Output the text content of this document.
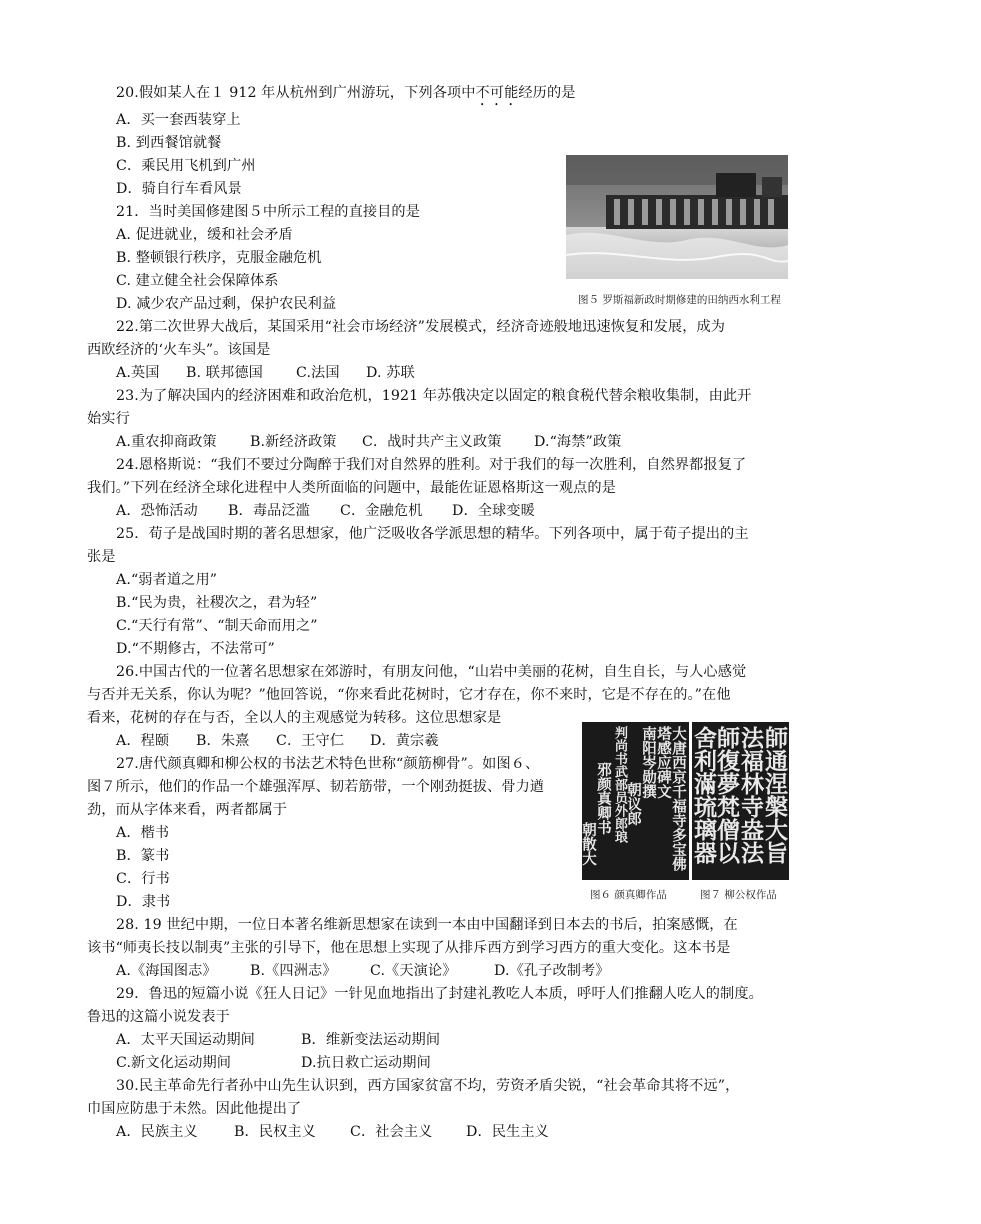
20.假如某人在１ 912 年从杭州到广州游玩，下列各项中不可能经历的是
A．买一套西装穿上
B. 到西餐馆就餐
C．乘民用飞机到广州
D．骑自行车看风景
图５ 罗斯福新政时期修建的田纳西水利工程
21．当时美国修建图５中所示工程的直接目的是
A. 促进就业，缓和社会矛盾
B. 整顿银行秩序，克服金融危机
C. 建立健全社会保障体系
D. 减少农产品过剩，保护农民利益
22.第二次世界大战后，某国采用“社会市场经济”发展模式，经济奇迹般地迅速恢复和发展，成为
西欧经济的‘火车头”。该国是
A.英国 B. 联邦德国 C.法国 D. 苏联
23.为了解决国内的经济困难和政治危机，1921 年苏俄决定以固定的粮食税代替余粮收集制，由此开
始实行
A.重农抑商政策 B.新经济政策 C．战时共产主义政策 D.“海禁”政策
24.恩格斯说：“我们不要过分陶醉于我们对自然界的胜利。对于我们的每一次胜利，自然界都报复了
我们。”下列在经济全球化进程中人类所面临的问题中，最能佐证恩格斯这一观点的是
A．恐怖活动 B．毒品泛滥 C．金融危机 D．全球变暖
25．荀子是战国时期的著名思想家，他广泛吸收各学派思想的精华。下列各项中，属于荀子提出的主
张是
A.“弱者道之用”
B.“民为贵，社稷次之，君为轻”
C.“天行有常”、“制天命而用之”
D.“不期修古，不法常可”
26.中国古代的一位著名思想家在郊游时，有朋友问他，“山岩中美丽的花树，自生自长，与人心感觉
与否并无关系，你认为呢？”他回答说，“你来看此花树时，它才存在，你不来时，它是不存在的。”在他
看来，花树的存在与否，全以人的主观感觉为转移。这位思想家是
A．程颐 B．朱熹 C．王守仁 D．黄宗羲	大唐西京千福寺多宝佛
塔感应碑文
南阳岑勋撰
朝议郎
判尚书武部员外郎琅
邪颜真卿书
朝散大	師通涅槃大旨
法福林寺盎法
師復夢梵僧以
舍利滿琉璃器
图６ 颜真卿作品	图７ 柳公权作品
27.唐代颜真卿和柳公权的书法艺术特色世称“颜筋柳骨”。如图６、
图７所示，他们的作品一个雄强浑厚、韧若筋带，一个刚劲挺拔、骨力遒
劲，而从字体来看，两者都属于
A．楷书
B．篆书
C．行书
D．隶书
28. 19 世纪中期，一位日本著名维新思想家在读到一本由中国翻译到日本去的书后，拍案感慨，在
该书“师夷长技以制夷”主张的引导下，他在思想上实现了从排斥西方到学习西方的重大变化。这本书是
A.《海国图志》 B.《四洲志》 C.《天演论》	D.《孔子改制考》
29．鲁迅的短篇小说《狂人日记》一针见血地指出了封建礼教吃人本质，呼吁人们推翻人吃人的制度。
鲁迅的这篇小说发表于
A．太平天国运动期间	B．维新变法运动期间
C.新文化运动期间	D.抗日救亡运动期间
30.民主革命先行者孙中山先生认识到，西方国家贫富不均，劳资矛盾尖锐，“社会革命其将不远”，
巾国应防患于未然。因此他提出了
A．民族主义	B．民权主义 C．社会主义 D．民生主义
